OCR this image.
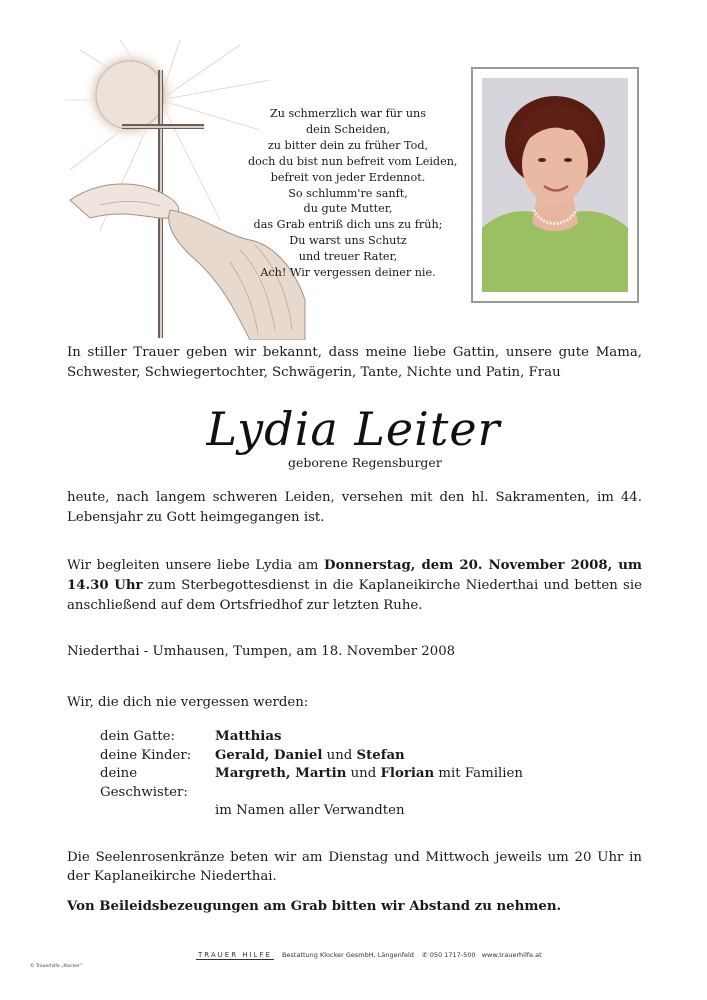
Zu schmerzlich war für uns
dein Scheiden,
zu bitter dein zu früher Tod,
doch du bist nun befreit vom Leiden,
befreit von jeder Erdennot.
So schlumm're sanft,
du gute Mutter,
das Grab entriß dich uns zu früh;
Du warst uns Schutz
und treuer Rater,
Ach! Wir vergessen deiner nie.
In stiller Trauer geben wir bekannt, dass meine liebe Gattin, unsere gute Mama, Schwester, Schwiegertochter, Schwägerin, Tante, Nichte und Patin, Frau
Lydia Leiter
geborene Regensburger
heute, nach langem schweren Leiden, versehen mit den hl. Sakramenten, im 44. Lebensjahr zu Gott heimgegangen ist.
Wir begleiten unsere liebe Lydia am Donnerstag, dem 20. November 2008, um 14.30 Uhr zum Sterbegottesdienst in die Kaplaneikirche Niederthai und betten sie anschließend auf dem Ortsfriedhof zur letzten Ruhe.
Niederthai - Umhausen, Tumpen, am 18. November 2008
Wir, die dich nie vergessen werden:
dein Gatte:	Matthias
deine Kinder:	Gerald, Daniel und Stefan
deine Geschwister:	Margreth, Martin und Florian mit Familien
	im Namen aller Verwandten
Die Seelenrosenkränze beten wir am Dienstag und Mittwoch jeweils um 20 Uhr in der Kaplaneikirche Niederthai.
Von Beileidsbezeugungen am Grab bitten wir Abstand zu nehmen.
TRAUER HILFE Bestattung Klocker GesmbH, Längenfeld ✆ 050 1717-500 www.trauerhilfe.at
© Trauerhilfe „Klocker"
